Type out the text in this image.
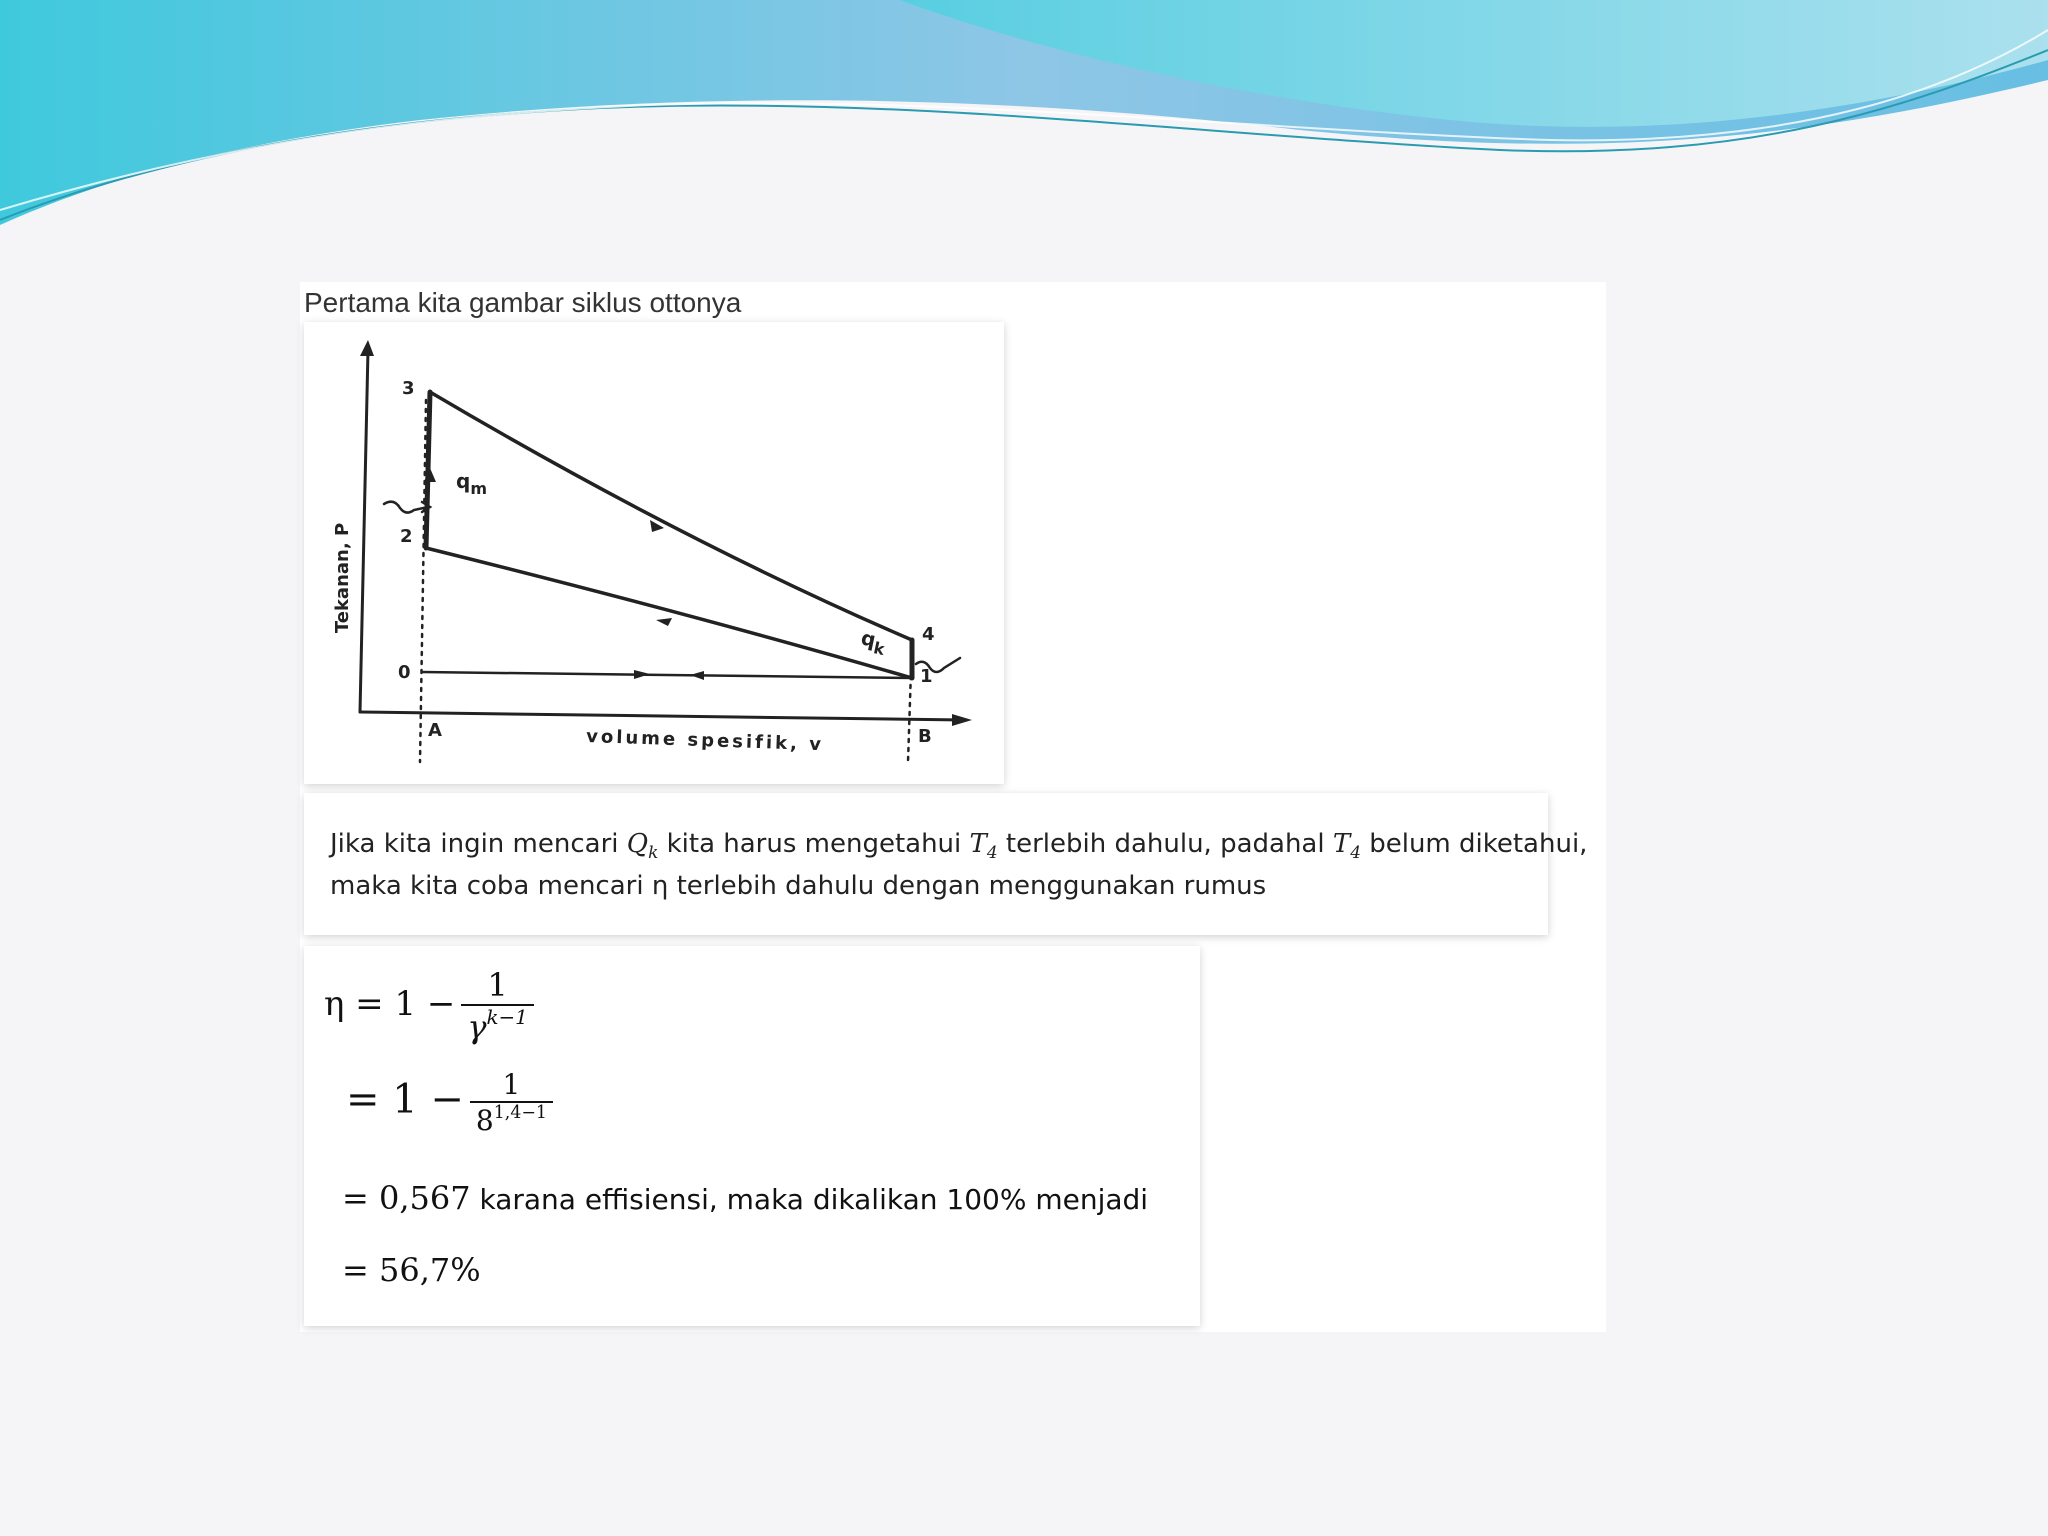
Pertama kita gambar siklus ottonya
3
2
0
4
1
A	B
volume spesifik, v
Tekanan, P
$q_m$
$q_k$
Jika kita ingin mencari $Q_k$ kita harus mengetahui $T_4$ terlebih dahulu, padahal $T_4$ belum diketahui,
maka kita coba mencari η terlebih dahulu dengan menggunakan rumus
$\eta = 1 - \frac{1}{\gamma^{k-1}}$
= $1 - \frac{1}{8^{1,4-1}}$
= 0,567 karana effisiensi, maka dikalikan 100% menjadi
= 56,7%
